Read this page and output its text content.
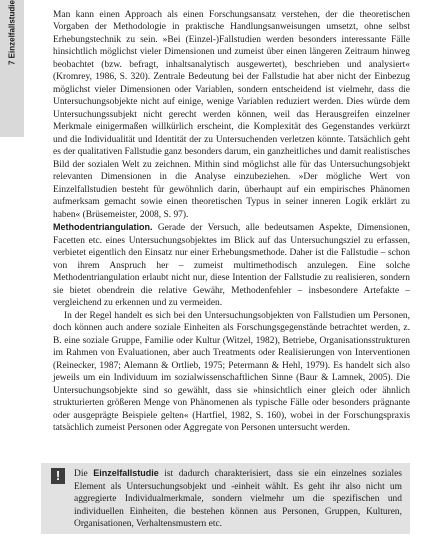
7 Einzelfallstudie	Man kann einen Approach als einen Forschungsansatz verstehen, der die theoretischen Vorgaben der Methodologie in praktische Handlungsanweisungen umsetzt, ohne selbst Erhebungstechnik zu sein. »Bei (Einzel-)Fallstudien werden besonders interessante Fälle hinsichtlich möglichst vieler Dimensionen und zumeist über einen längeren Zeitraum hinweg beobachtet (bzw. befragt, inhaltsanalytisch ausgewertet), beschrieben und analysiert« (Kromrey, 1986, S. 320). Zentrale Bedeutung bei der Fallstudie hat aber nicht der Einbezug möglichst vieler Dimensionen oder Variablen, sondern entscheidend ist vielmehr, dass die Untersuchungsobjekte nicht auf einige, wenige Variablen reduziert werden. Dies würde dem Untersuchungssubjekt nicht gerecht werden können, weil das Herausgreifen einzelner Merkmale einigermaßen willkürlich erscheint, die Komplexität des Gegenstandes verkürzt und die Individualität und Identität der zu Untersuchenden verletzen könnte. Tatsächlich geht es der qualitativen Fallstudie ganz besonders darum, ein ganzheitliches und damit realistisches Bild der sozialen Welt zu zeichnen. Mithin sind möglichst alle für das Untersuchungsobjekt relevanten Dimensionen in die Analyse einzubeziehen. »Der mögliche Wert von Einzelfallstudien besteht für gewöhnlich darin, überhaupt auf ein empirisches Phänomen aufmerksam gemacht sowie einen theoretischen Typus in seiner inneren Logik erklärt zu haben« (Brüsemeister, 2008, S. 97).

Methodentriangulation. Gerade der Versuch, alle bedeutsamen Aspekte, Dimensionen, Facetten etc. eines Untersuchungsobjektes im Blick auf das Untersuchungsziel zu erfassen, verbietet eigentlich den Einsatz nur einer Erhebungsmethode. Daher ist die Fallstudie – schon von ihrem Anspruch her – zumeist multimethodisch anzulegen. Eine solche Methodentriangulation erlaubt nicht nur, diese Intention der Fallstudie zu realisieren, sondern sie bietet obendrein die relative Gewähr, Methodenfehler – insbesondere Artefakte – vergleichend zu erkennen und zu vermeiden.

In der Regel handelt es sich bei den Untersuchungsobjekten von Fallstudien um Personen, doch können auch andere soziale Einheiten als Forschungsgegenstände betrachtet werden, z. B. eine soziale Gruppe, Familie oder Kultur (Witzel, 1982), Betriebe, Organisationsstrukturen im Rahmen von Evaluationen, aber auch Treatments oder Realisierungen von Interventionen (Reinecker, 1987; Alemann & Ortlieb, 1975; Petermann & Hehl, 1979). Es handelt sich also jeweils um ein Individuum im sozialwissenschaftlichen Sinne (Baur & Lamnek, 2005). Die Untersuchungsobjekte sind so gewählt, dass sie »hinsichtlich einer gleich oder ähnlich strukturierten größeren Menge von Phänomenen als typische Fälle oder besonders prägnante oder ausgeprägte Beispiele gelten« (Hartfiel, 1982, S. 160), wobei in der Forschungspraxis tatsächlich zumeist Personen oder Aggregate von Personen untersucht werden.

!	Die Einzelfallstudie ist dadurch charakterisiert, dass sie ein einzelnes soziales Element als Untersuchungsobjekt und -einheit wählt. Es geht ihr also nicht um aggregierte Individualmerkmale, sondern vielmehr um die spezifischen und individuellen Einheiten, die bestehen können aus Personen, Gruppen, Kulturen, Organisationen, Verhaltensmustern etc.
